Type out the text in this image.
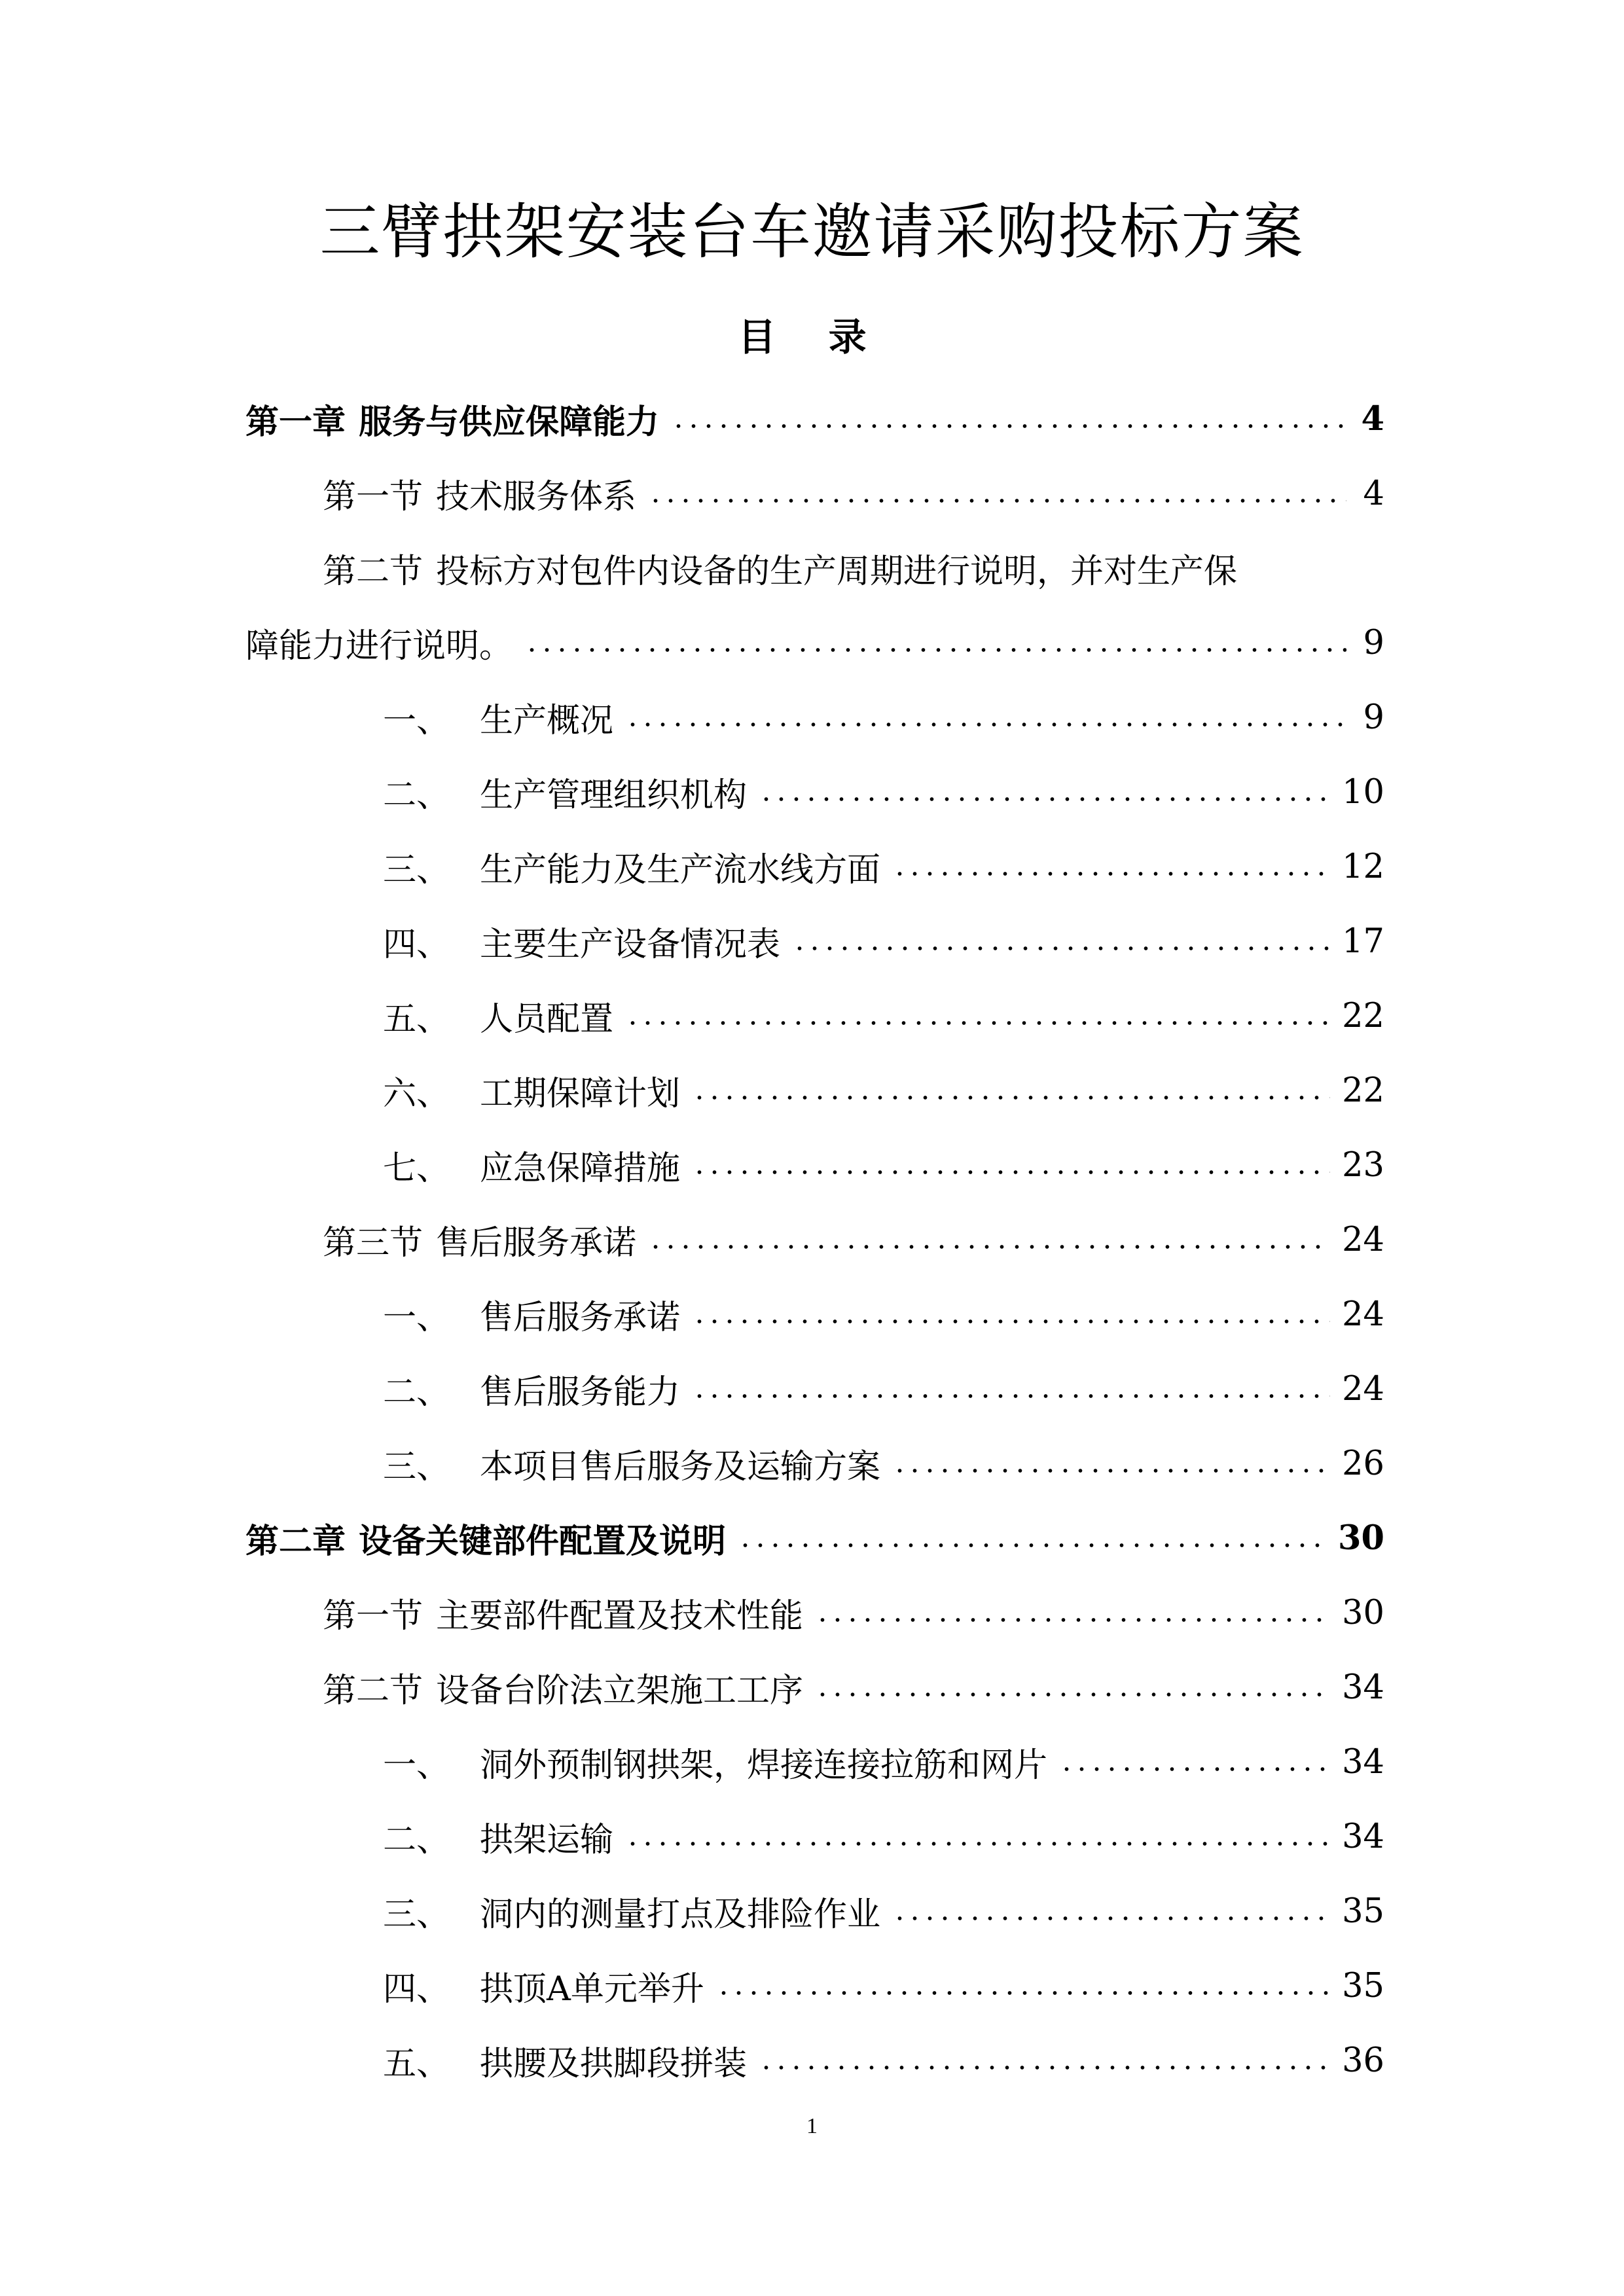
三臂拱架安装台车邀请采购投标方案
目 录
第一章 服务与供应保障能力	4
第一节 技术服务体系	4
第二节 投标方对包件内设备的生产周期进行说明，并对生产保
障能力进行说明。	9
一、 生产概况	9
二、 生产管理组织机构	10
三、 生产能力及生产流水线方面	12
四、 主要生产设备情况表	17
五、 人员配置	22
六、 工期保障计划	22
七、 应急保障措施	23
第三节 售后服务承诺	24
一、 售后服务承诺	24
二、 售后服务能力	24
三、 本项目售后服务及运输方案	26
第二章 设备关键部件配置及说明	30
第一节 主要部件配置及技术性能	30
第二节 设备台阶法立架施工工序	34
一、 洞外预制钢拱架，焊接连接拉筋和网片	34
二、 拱架运输	34
三、 洞内的测量打点及排险作业	35
四、 拱顶A单元举升	35
五、 拱腰及拱脚段拼装	36
1
